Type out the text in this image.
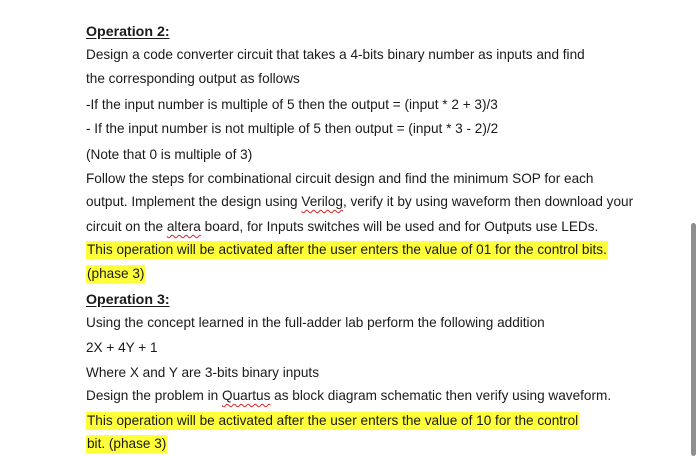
Operation 2:
Design a code converter circuit that takes a 4-bits binary number as inputs and find
the corresponding output as follows
-If the input number is multiple of 5 then the output = (input * 2 + 3)/3
- If the input number is not multiple of 5 then output = (input * 3 - 2)/2
(Note that 0 is multiple of 3)
Follow the steps for combinational circuit design and find the minimum SOP for each
output. Implement the design using Verilog, verify it by using waveform then download your
circuit on the altera board, for Inputs switches will be used and for Outputs use LEDs.
This operation will be activated after the user enters the value of 01 for the control bits.
(phase 3)
Operation 3:
Using the concept learned in the full-adder lab perform the following addition
2X + 4Y + 1
Where X and Y are 3-bits binary inputs
Design the problem in Quartus as block diagram schematic then verify using waveform.
This operation will be activated after the user enters the value of 10 for the control
bit. (phase 3)
